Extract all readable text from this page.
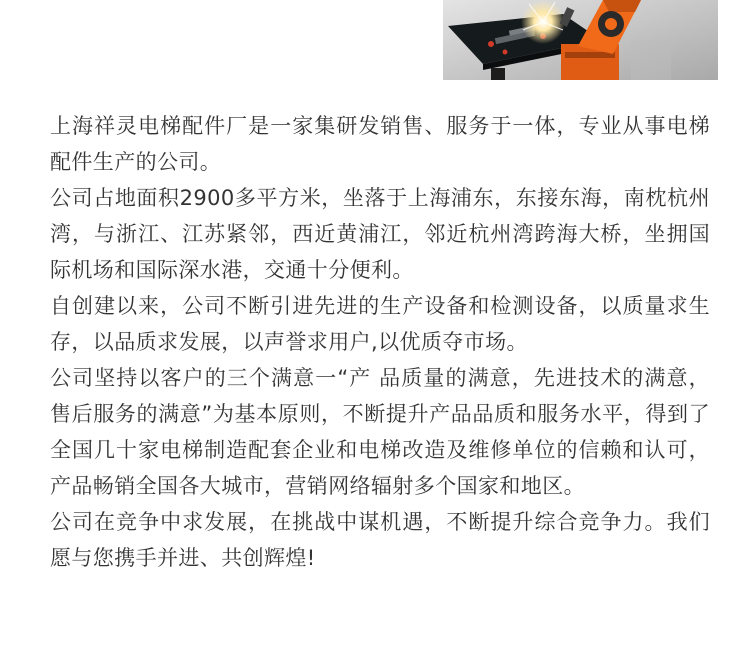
上海祥灵电梯配件厂是一家集研发销售、服务于一体，专业从事电梯配件生产的公司。

公司占地面积2900多平方米，坐落于上海浦东，东接东海，南枕杭州湾，与浙江、江苏紧邻，西近黄浦江，邻近杭州湾跨海大桥，坐拥国际机场和国际深水港，交通十分便利。

自创建以来，公司不断引进先进的生产设备和检测设备，以质量求生存，以品质求发展，以声誉求用户,以优质夺市场。

公司坚持以客户的三个满意一“产 品质量的满意，先进技术的满意，售后服务的满意”为基本原则，不断提升产品品质和服务水平，得到了全国几十家电梯制造配套企业和电梯改造及维修单位的信赖和认可，产品畅销全国各大城市，营销网络辐射多个国家和地区。

公司在竞争中求发展，在挑战中谋机遇，不断提升综合竞争力。我们愿与您携手并进、共创辉煌!
